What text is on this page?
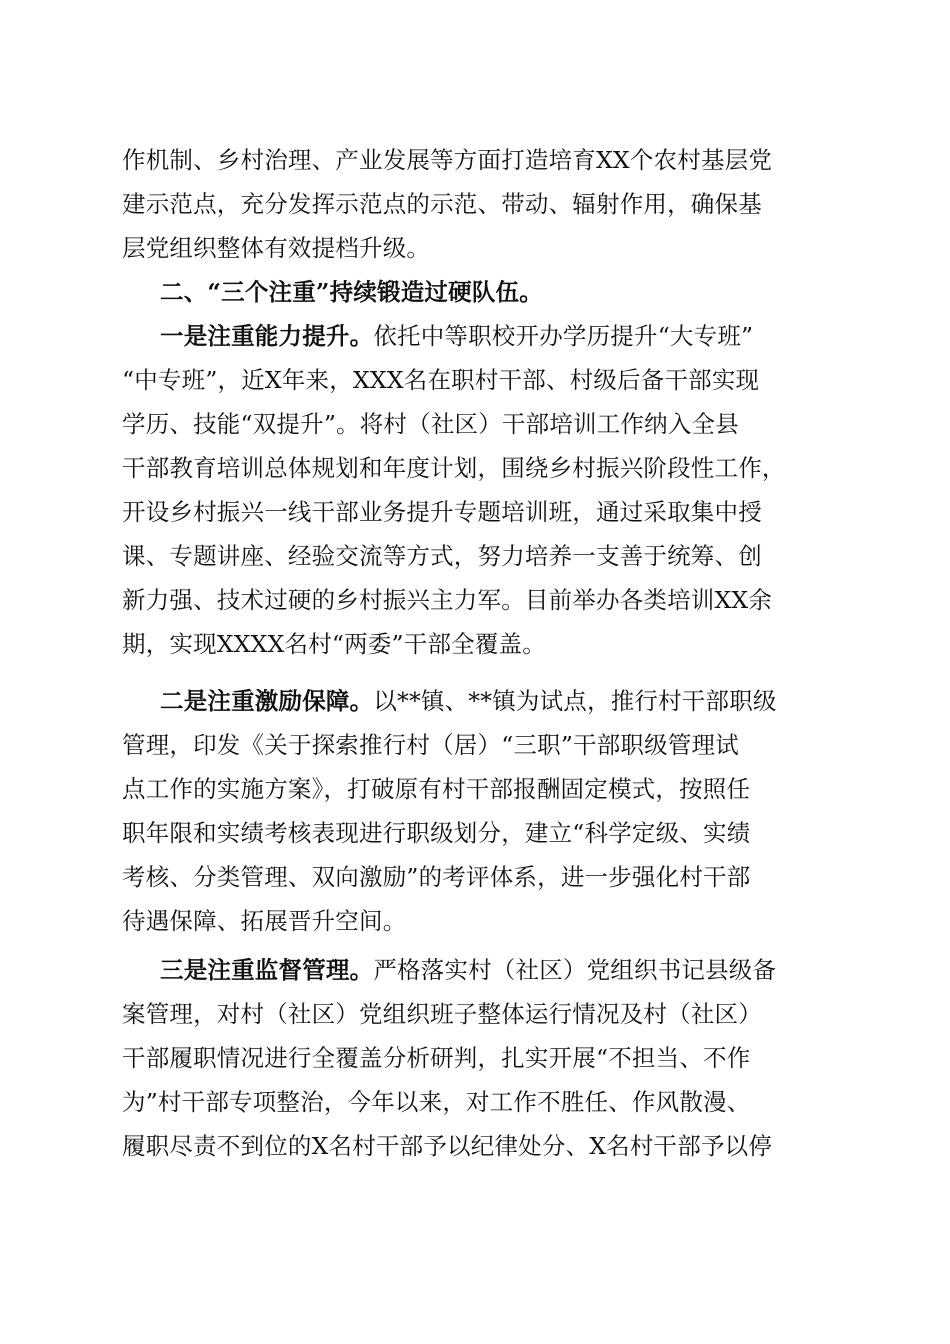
作机制、乡村治理、产业发展等方面打造培育XX个农村基层党
建示范点，充分发挥示范点的示范、带动、辐射作用，确保基
层党组织整体有效提档升级。
二、“三个注重”持续锻造过硬队伍。
一是注重能力提升。依托中等职校开办学历提升“大专班”
“中专班”，近X年来，XXX名在职村干部、村级后备干部实现
学历、技能“双提升”。将村（社区）干部培训工作纳入全县
干部教育培训总体规划和年度计划，围绕乡村振兴阶段性工作，
开设乡村振兴一线干部业务提升专题培训班，通过采取集中授
课、专题讲座、经验交流等方式，努力培养一支善于统筹、创
新力强、技术过硬的乡村振兴主力军。目前举办各类培训XX余
期，实现XXXX名村“两委”干部全覆盖。
二是注重激励保障。以**镇、**镇为试点，推行村干部职级
管理，印发《关于探索推行村（居）“三职”干部职级管理试
点工作的实施方案》，打破原有村干部报酬固定模式，按照任
职年限和实绩考核表现进行职级划分，建立“科学定级、实绩
考核、分类管理、双向激励”的考评体系，进一步强化村干部
待遇保障、拓展晋升空间。
三是注重监督管理。严格落实村（社区）党组织书记县级备
案管理，对村（社区）党组织班子整体运行情况及村（社区）
干部履职情况进行全覆盖分析研判，扎实开展“不担当、不作
为”村干部专项整治，今年以来，对工作不胜任、作风散漫、
履职尽责不到位的X名村干部予以纪律处分、X名村干部予以停
